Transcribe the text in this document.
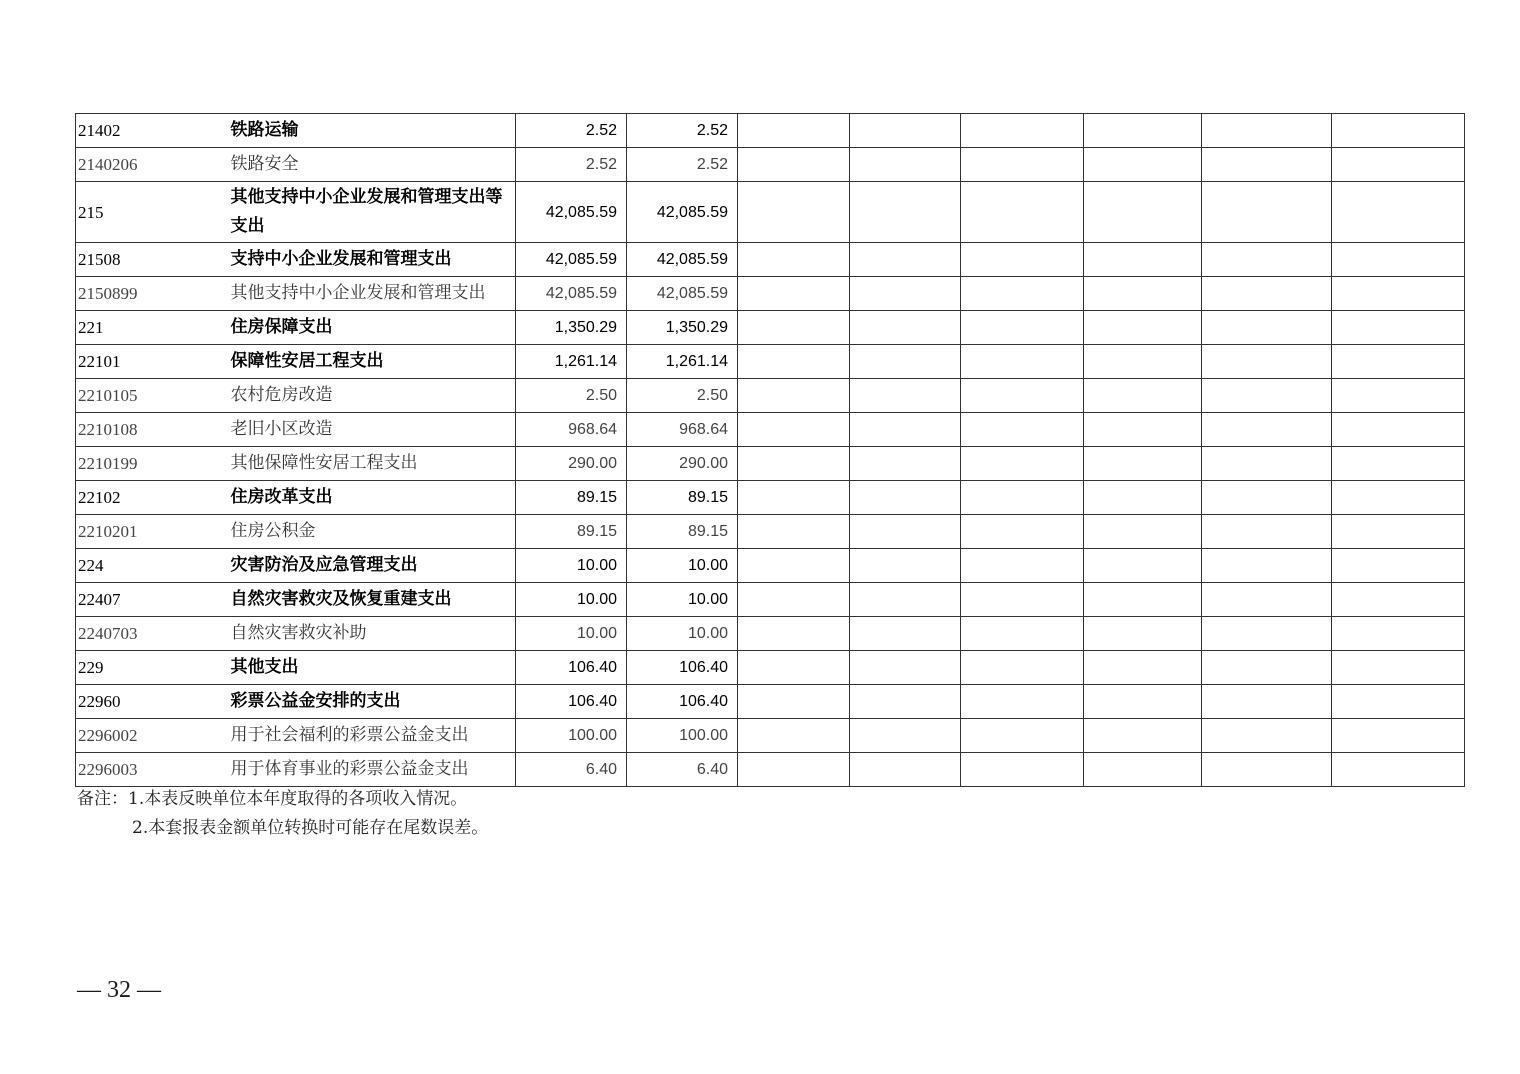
21402	铁路运输	2.52	2.52						
2140206	铁路安全	2.52	2.52						
215	其他支持中小企业发展和管理支出等支出	42,085.59	42,085.59						
21508	支持中小企业发展和管理支出	42,085.59	42,085.59						
2150899	其他支持中小企业发展和管理支出	42,085.59	42,085.59						
221	住房保障支出	1,350.29	1,350.29						
22101	保障性安居工程支出	1,261.14	1,261.14						
2210105	农村危房改造	2.50	2.50						
2210108	老旧小区改造	968.64	968.64						
2210199	其他保障性安居工程支出	290.00	290.00						
22102	住房改革支出	89.15	89.15						
2210201	住房公积金	89.15	89.15						
224	灾害防治及应急管理支出	10.00	10.00						
22407	自然灾害救灾及恢复重建支出	10.00	10.00						
2240703	自然灾害救灾补助	10.00	10.00						
229	其他支出	106.40	106.40						
22960	彩票公益金安排的支出	106.40	106.40						
2296002	用于社会福利的彩票公益金支出	100.00	100.00						
2296003	用于体育事业的彩票公益金支出	6.40	6.40						
备注：1.本表反映单位本年度取得的各项收入情况。
2.本套报表金额单位转换时可能存在尾数误差。
— 32 —
